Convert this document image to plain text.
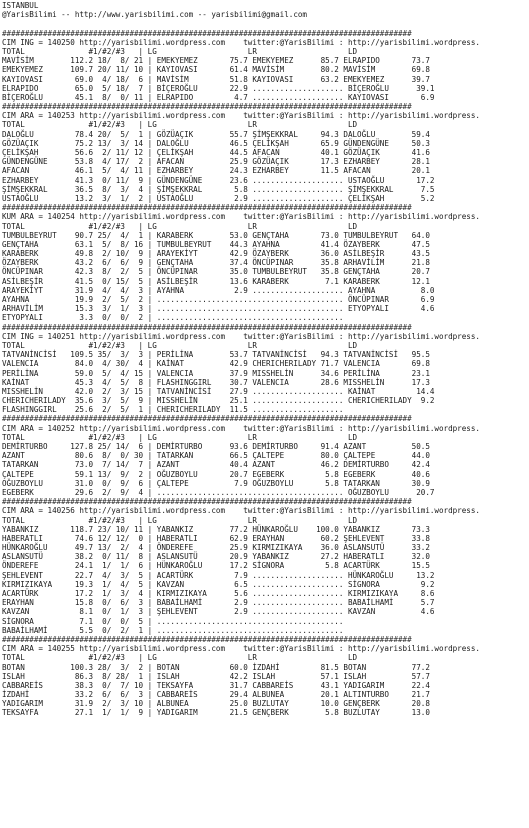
ISTANBUL
@YarisBilimi -- http://www.yarisbilimi.com -- yarisbilimi@gmail.com

##########################################################################################
CIM ING = 140250 http://yarisbilimi.wordpress.com    twitter:@YarisBilimi : http://yarisbilimi.wordpress.
TOTAL              #1/#2/#3   | LG                    LR                    LD
MAVİSİM        112.2 18/  8/ 21 | EMEKYEMEZ       75.7 EMEKYEMEZ      85.7 ELRAPIDO       73.7
EMEKYEMEZ      109.7 20/ 11/ 10 | KAYIOVASI       61.4 MAVİSİM        80.2 MAVİSİM        69.8
KAYIOVASI       69.0  4/ 18/  6 | MAVİSİM         51.8 KAYIOVASI      63.2 EMEKYEMEZ      39.7
ELRAPIDO        65.0  5/ 18/  7 | BİÇEROĞLU       22.9 .................... BİÇEROĞLU      39.1
BİÇEROĞLU       45.1  8/  0/ 11 | ELRAPIDO         4.7 .................... KAYIOVASI       6.9
##########################################################################################
CIM ARA = 140253 http://yarisbilimi.wordpress.com    twitter:@YarisBilimi : http://yarisbilimi.wordpress.
TOTAL              #1/#2/#3   | LG                    LR                    LD
DALOĞLU         78.4 20/  5/  1 | GÖZÜAÇIK        55.7 ŞİMŞEKKRAL     94.3 DALOĞLU        59.4
GÖZÜAÇIK        75.2 13/  3/ 14 | DALOĞLU         46.5 ÇELİKŞAH       65.9 GÜNDENGÜNE     50.3
ÇELİKŞAH        56.6  2/ 11/ 12 | ÇELİKŞAH        44.5 AFACAN         40.1 GÖZÜAÇIK       41.6
GÜNDENGÜNE      53.8  4/ 17/  2 | AFACAN          25.9 GÖZÜAÇIK       17.3 EZHARBEY       28.1
AFACAN          46.1  5/  4/ 11 | EZHARBEY        24.3 EZHARBEY       11.5 AFACAN         20.1
EZHARBEY        41.3  0/ 11/  9 | GÜNDENGÜNE      23.6 .................... USTAOĞLU       17.2
ŞİMŞEKKRAL      36.5  8/  3/  4 | ŞİMŞEKKRAL       5.8 .................... ŞİMŞEKKRAL      7.5
USTAOĞLU        13.2  3/  1/  2 | USTAOĞLU         2.9 .................... ÇELİKŞAH        5.2
##########################################################################################
KUM ARA = 140254 http://yarisbilimi.wordpress.com    twitter:@YarisBilimi : http://yarisbilimi.wordpress.
TOTAL              #1/#2/#3   | LG                    LR                    LD
TUMBULBEYRUT    90.7 25/  4/  1 | KARABERK        53.0 GENÇTAHA       73.0 TUMBULBEYRUT   64.0
GENÇTAHA        63.1  5/  8/ 16 | TUMBULBEYRUT    44.3 AYAHNA         41.4 ÖZAYBERK       47.5
KARABERK        49.8  2/ 10/  9 | ARAYEKİYT       42.9 ÖZAYBERK       36.0 ASİLBEŞİR      43.5
ÖZAYBERK        43.2  6/  6/  9 | GENÇTAHA        37.4 ÖNCÜPINAR      35.8 ARHAVİLİM      21.8
ÖNCÜPINAR       42.3  8/  2/  5 | ÖNCÜPINAR       35.0 TUMBULBEYRUT   35.8 GENÇTAHA       20.7
ASİLBEŞİR       41.5  0/ 15/  5 | ASİLBEŞİR       13.6 KARABERK        7.1 KARABERK       12.1
ARAYEKİYT       31.9  4/  4/  3 | AYAHNA           2.9 .................... AYAHNA          8.0
AYAHNA          19.9  2/  5/  2 | ......................................... ÖNCÜPINAR       6.9
ARHAVİLİM       15.3  3/  1/  3 | ......................................... ETYOPYALI       4.6
ETYOPYALI        3.3  0/  0/  2 | .........................................
##########################################################################################
CIM ING = 140251 http://yarisbilimi.wordpress.com    twitter:@YarisBilimi : http://yarisbilimi.wordpress.
TOTAL              #1/#2/#3   | LG                    LR                    LD
TATVANİNCİSİ   109.5 35/  3/  3 | PERİLİNA        53.7 TATVANİNCİSİ   94.3 TATVANİNCİSİ   95.5
VALENCIA        84.0  4/ 30/  4 | KAİNAT          42.9 CHERICHERILADY 71.7 VALENCIA       69.8
PERİLİNA        59.0  5/  4/ 15 | VALENCIA        37.9 MISSHELİN      34.6 PERİLİNA       23.1
KAİNAT          45.3  4/  5/  8 | FLASHINGGIRL    30.7 VALENCIA       28.6 MISSHELİN      17.3
MISSHELİN       42.0  2/  3/ 15 | TATVANİNCİSİ    27.9 .................... KAİNAT         14.4
CHERICHERILADY  35.6  3/  5/  9 | MISSHELİN       25.1 .................... CHERICHERILADY  9.2
FLASHINGGIRL    25.6  2/  5/  1 | CHERICHERILADY  11.5 ....................
##########################################################################################
CIM ARA = 140252 http://yarisbilimi.wordpress.com    twitter:@YarisBilimi : http://yarisbilimi.wordpress.
TOTAL              #1/#2/#3   | LG                    LR                    LD
DEMİRTURBO     127.8 25/ 14/  6 | DEMİRTURBO      93.6 DEMİRTURBO     91.4 AZANT          50.5
AZANT           80.6  8/  0/ 30 | TATARKAN        66.5 ÇALTEPE        80.0 ÇALTEPE        44.0
TATARKAN        73.0  7/ 14/  7 | AZANT           40.4 AZANT          46.2 DEMİRTURBO     42.4
ÇALTEPE         59.1 13/  9/  2 | OĞUZBOYLU       20.7 EGEBERK         5.8 EGEBERK        40.6
OĞUZBOYLU       31.0  0/  9/  6 | ÇALTEPE          7.9 OĞUZBOYLU       5.8 TATARKAN       30.9
EGEBERK         29.6  2/  9/  4 | ......................................... OĞUZBOYLU      20.7
##########################################################################################
CIM ARA = 140256 http://yarisbilimi.wordpress.com    twitter:@YarisBilimi : http://yarisbilimi.wordpress.
TOTAL              #1/#2/#3   | LG                    LR                    LD
YABANKIZ       118.7 23/ 10/ 11 | YABANKIZ        77.2 HÜNKAROĞLU    100.0 YABANKIZ       73.3
HABERATLI       74.6 12/ 12/  0 | HABERATLI       62.9 ERAYHAN        60.2 ŞEHLEVENT      33.8
HÜNKAROĞLU      49.7 13/  2/  4 | ÖNDEREFE        25.9 KIRMIZIKAYA    36.0 ASLANSUTÜ      33.2
ASLANSUTÜ       38.2  0/ 11/  8 | ASLANSUTÜ       20.9 YABANKIZ       27.2 HABERATLI      32.0
ÖNDEREFE        24.1  1/  1/  6 | HÜNKAROĞLU      17.2 SİGNORA         5.8 ACARTÜRK       15.5
ŞEHLEVENT       22.7  4/  3/  5 | ACARTÜRK         7.9 .................... HÜNKAROĞLU     13.2
KIRMIZIKAYA     19.3  1/  4/  5 | KAVZAN           6.5 .................... SİGNORA         9.2
ACARTÜRK        17.2  1/  3/  4 | KIRMIZIKAYA      5.6 .................... KIRMIZIKAYA     8.6
ERAYHAN         15.8  0/  6/  3 | BABAİLHAMİ       2.9 .................... BABAİLHAMİ      5.7
KAVZAN           8.1  0/  1/  3 | ŞEHLEVENT        2.9 .................... KAVZAN          4.6
SİGNORA          7.1  0/  0/  5 | .........................................
BABAİLHAMİ       5.5  0/  2/  1 | .........................................
##########################################################################################
CIM ARA = 140255 http://yarisbilimi.wordpress.com    twitter:@YarisBilimi : http://yarisbilimi.wordpress.
TOTAL              #1/#2/#3   | LG                    LR                    LD
BOTAN          100.3 28/  3/  2 | BOTAN           60.0 İZDAHİ         81.5 BOTAN          77.2
ISLAH           86.3  8/ 28/  1 | ISLAH           42.2 ISLAH          57.1 ISLAH          57.7
CABBAREİS       38.3  0/  7/ 10 | TEKSAYFA        31.7 CABBAREİS      43.1 YADIGARIM      22.4
İZDAHİ          33.2  6/  6/  3 | CABBAREİS       29.4 ALBUNEA        20.1 ALTINTURBO     21.7
YADIGARIM       31.9  2/  3/ 10 | ALBUNEA         25.0 BUZLUTAY       10.0 GENÇBERK       20.8
TEKSAYFA        27.1  1/  1/  9 | YADIGARIM       21.5 GENÇBERK        5.8 BUZLUTAY       13.0
